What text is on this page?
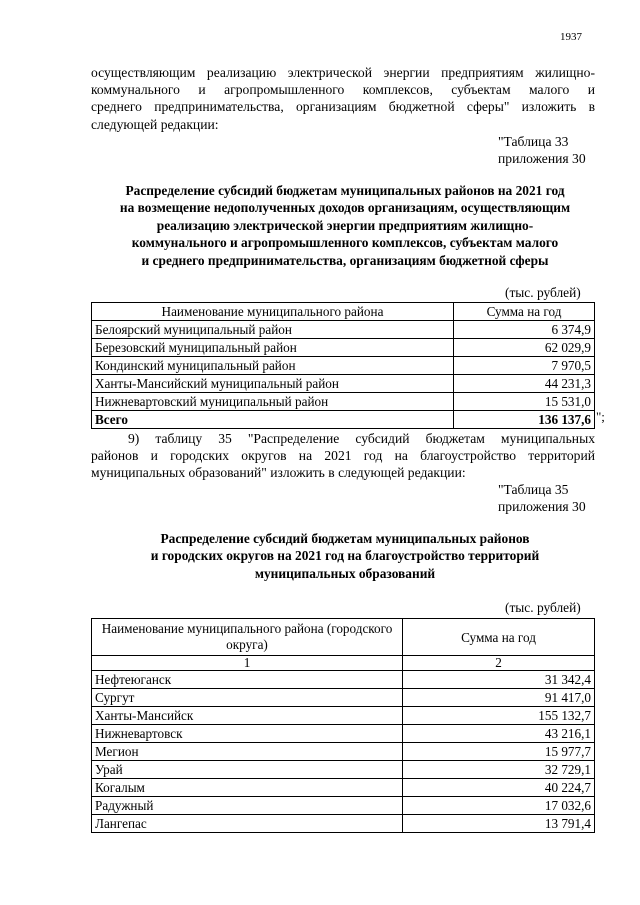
1937
осуществляющим реализацию электрической энергии предприятиям жилищно-
коммунального и агропромышленного комплексов, субъектам малого и
среднего предпринимательства, организациям бюджетной сферы" изложить в
следующей редакции:
"Таблица 33
приложения 30
Распределение субсидий бюджетам муниципальных районов на 2021 год
на возмещение недополученных доходов организациям, осуществляющим
реализацию электрической энергии предприятиям жилищно-
коммунального и агропромышленного комплексов, субъектам малого
и среднего предпринимательства, организациям бюджетной сферы
(тыс. рублей)
Наименование муниципального района	Сумма на год
Белоярский муниципальный район	6 374,9
Березовский муниципальный район	62 029,9
Кондинский муниципальный район	7 970,5
Ханты-Мансийский муниципальный район	44 231,3
Нижневартовский муниципальный район	15 531,0
Всего	136 137,6 ";
9) таблицу 35 "Распределение субсидий бюджетам муниципальных
районов и городских округов на 2021 год на благоустройство территорий
муниципальных образований" изложить в следующей редакции:
"Таблица 35
приложения 30
Распределение субсидий бюджетам муниципальных районов
и городских округов на 2021 год на благоустройство территорий
муниципальных образований
(тыс. рублей)
Наименование муниципального района (городского округа)	Сумма на год
1	2
Нефтеюганск	31 342,4
Сургут	91 417,0
Ханты-Мансийск	155 132,7
Нижневартовск	43 216,1
Мегион	15 977,7
Урай	32 729,1
Когалым	40 224,7
Радужный	17 032,6
Лангепас	13 791,4
